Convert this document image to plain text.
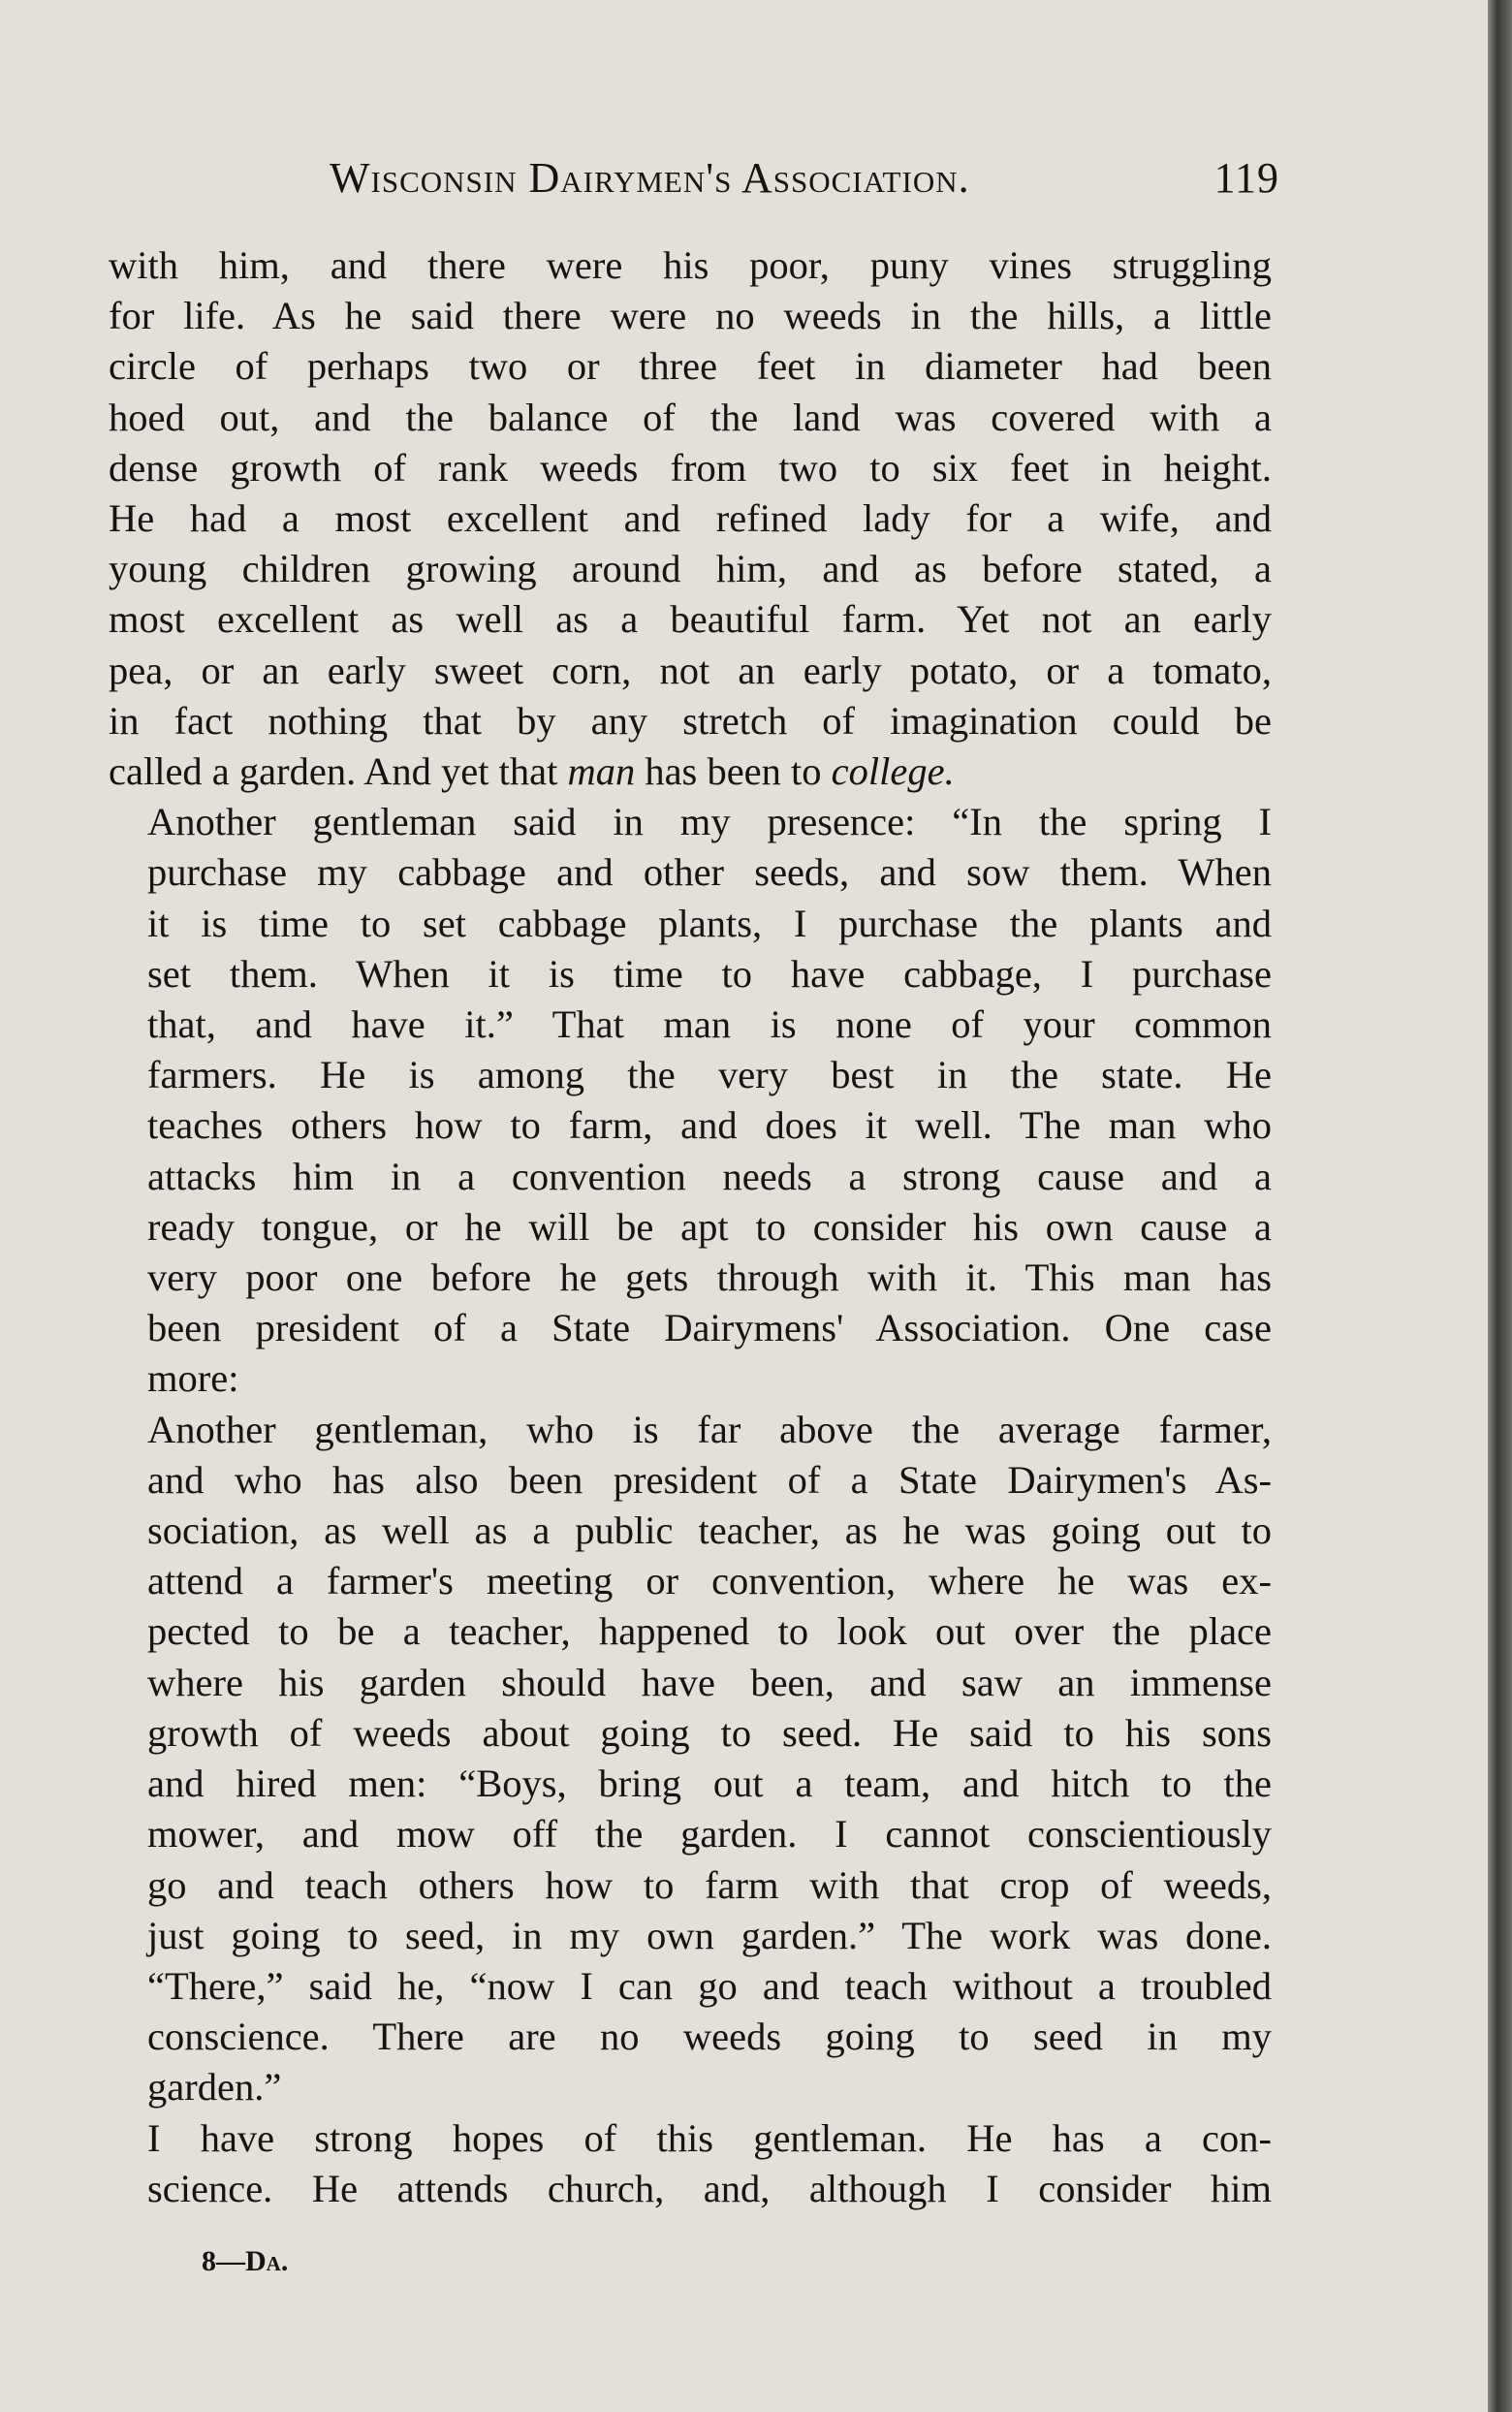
Wisconsin Dairymen's Association.	119

with him, and there were his poor, puny vines struggling
for life. As he said there were no weeds in the hills, a little
circle of perhaps two or three feet in diameter had been
hoed out, and the balance of the land was covered with a
dense growth of rank weeds from two to six feet in height.
He had a most excellent and refined lady for a wife, and
young children growing around him, and as before stated, a
most excellent as well as a beautiful farm. Yet not an early
pea, or an early sweet corn, not an early potato, or a tomato,
in fact nothing that by any stretch of imagination could be
called a garden. And yet that man has been to college.

Another gentleman said in my presence: “In the spring I
purchase my cabbage and other seeds, and sow them. When
it is time to set cabbage plants, I purchase the plants and
set them. When it is time to have cabbage, I purchase
that, and have it.” That man is none of your common
farmers. He is among the very best in the state. He
teaches others how to farm, and does it well. The man who
attacks him in a convention needs a strong cause and a
ready tongue, or he will be apt to consider his own cause a
very poor one before he gets through with it. This man has
been president of a State Dairymens' Association. One case
more:

Another gentleman, who is far above the average farmer,
and who has also been president of a State Dairymen's As-
sociation, as well as a public teacher, as he was going out to
attend a farmer's meeting or convention, where he was ex-
pected to be a teacher, happened to look out over the place
where his garden should have been, and saw an immense
growth of weeds about going to seed. He said to his sons
and hired men: “Boys, bring out a team, and hitch to the
mower, and mow off the garden. I cannot conscientiously
go and teach others how to farm with that crop of weeds,
just going to seed, in my own garden.” The work was done.
“There,” said he, “now I can go and teach without a troubled
conscience. There are no weeds going to seed in my
garden.”

I have strong hopes of this gentleman. He has a con-
science. He attends church, and, although I consider him

8—Da.
